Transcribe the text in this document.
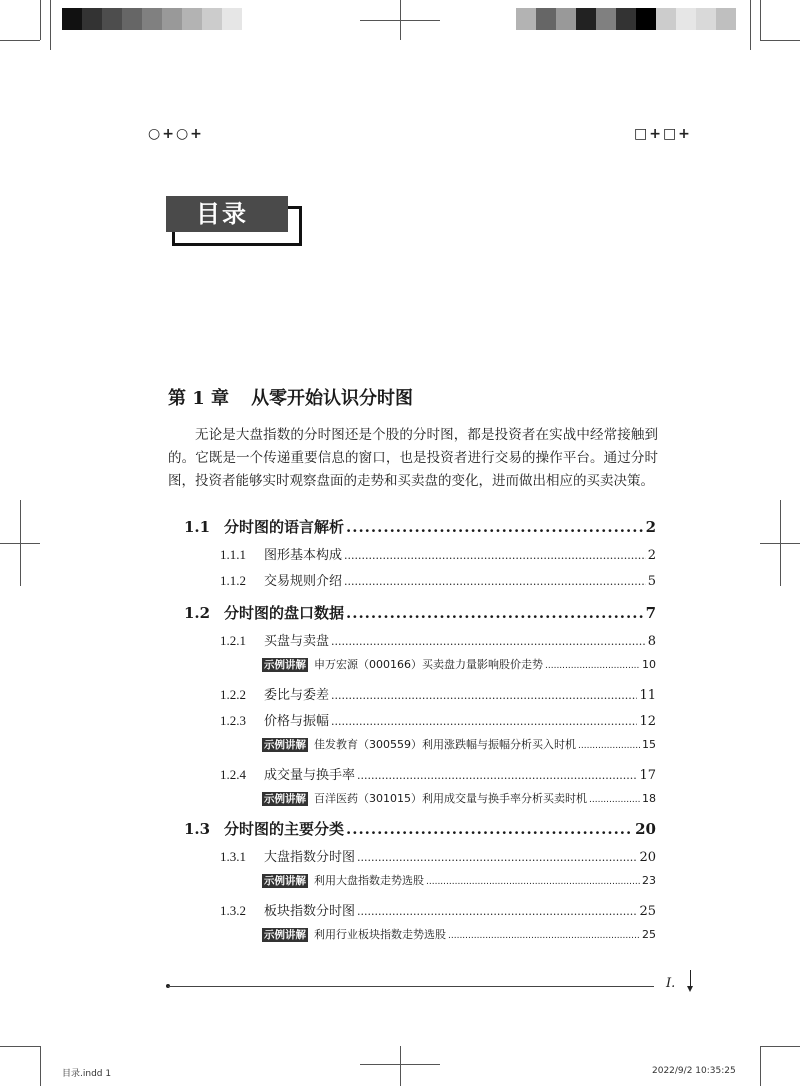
○+○+	□+□+
目录
第 1 章 从零开始认识分时图

无论是大盘指数的分时图还是个股的分时图，都是投资者在实战中经常接触到的。它既是一个传递重要信息的窗口，也是投资者进行交易的操作平台。通过分时图，投资者能够实时观察盘面的走势和买卖盘的变化，进而做出相应的买卖决策。

1.1 分时图的语言解析 .....	2
1.1.1 图形基本构成 .....	2
1.1.2 交易规则介绍 .....	5
1.2 分时图的盘口数据 .....	7
1.2.1 买盘与卖盘 .....	8
示例讲解 申万宏源（000166）买卖盘力量影响股价走势 .....	10
1.2.2 委比与委差 .....	11
1.2.3 价格与振幅 .....	12
示例讲解 佳发教育（300559）利用涨跌幅与振幅分析买入时机 .....	15
1.2.4 成交量与换手率 .....	17
示例讲解 百洋医药（301015）利用成交量与换手率分析买卖时机 .....	18
1.3 分时图的主要分类 .....	20
1.3.1 大盘指数分时图 .....	20
示例讲解 利用大盘指数走势选股 .....	23
1.3.2 板块指数分时图 .....	25
示例讲解 利用行业板块指数走势选股 .....	25
I.
目录.indd 1	2022/9/2 10:35:25
